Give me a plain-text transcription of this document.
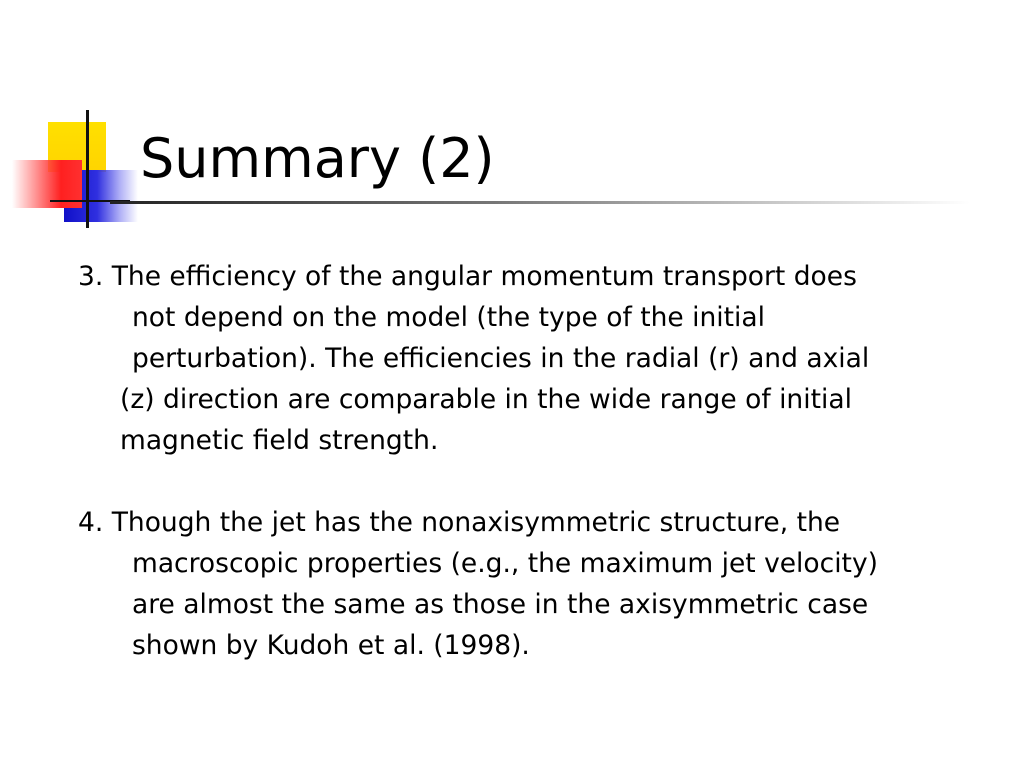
Summary (2)
3. The efficiency of the angular momentum transport does
not depend on the model (the type of the initial
perturbation). The efficiencies in the radial (r) and axial
(z) direction are comparable in the wide range of initial
magnetic field strength.
4. Though the jet has the nonaxisymmetric structure, the
macroscopic properties (e.g., the maximum jet velocity)
are almost the same as those in the axisymmetric case
shown by Kudoh et al. (1998).
